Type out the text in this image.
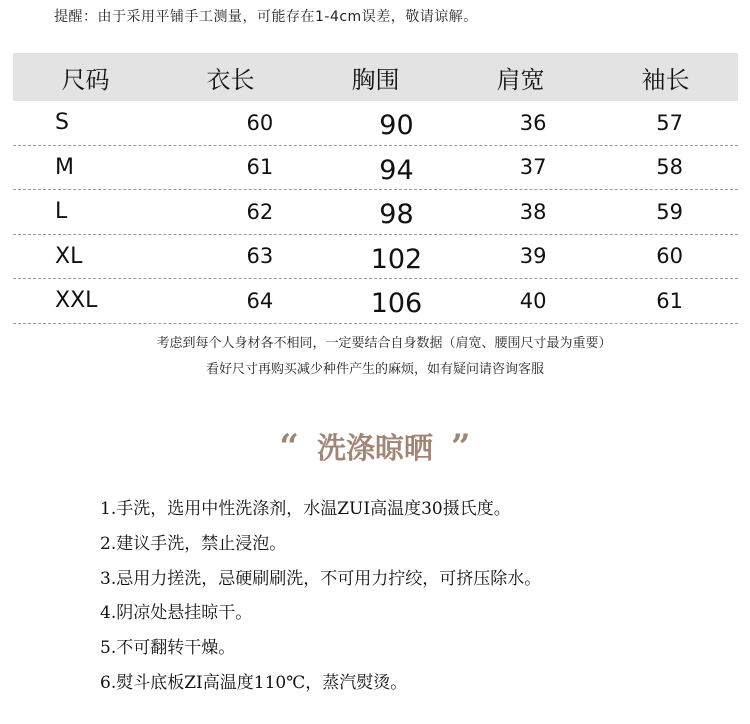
提醒：由于采用平铺手工测量，可能存在1-4cm误差，敬请谅解。
尺码	衣长	胸围	肩宽	袖长
S	60	90	36	57
M	61	94	37	58
L	62	98	38	59
XL	63	102	39	60
XXL	64	106	40	61
考虑到每个人身材各不相同，一定要结合自身数据（肩宽、腰围尺寸最为重要）
看好尺寸再购买减少种件产生的麻烦，如有疑问请咨询客服
“ 洗涤晾晒 ”
1.手洗，选用中性洗涤剂，水温ZUI高温度30摄氏度。
2.建议手洗，禁止浸泡。
3.忌用力搓洗，忌硬刷刷洗，不可用力拧绞，可挤压除水。
4.阴凉处悬挂晾干。
5.不可翻转干燥。
6.熨斗底板ZI高温度110℃，蒸汽熨烫。
